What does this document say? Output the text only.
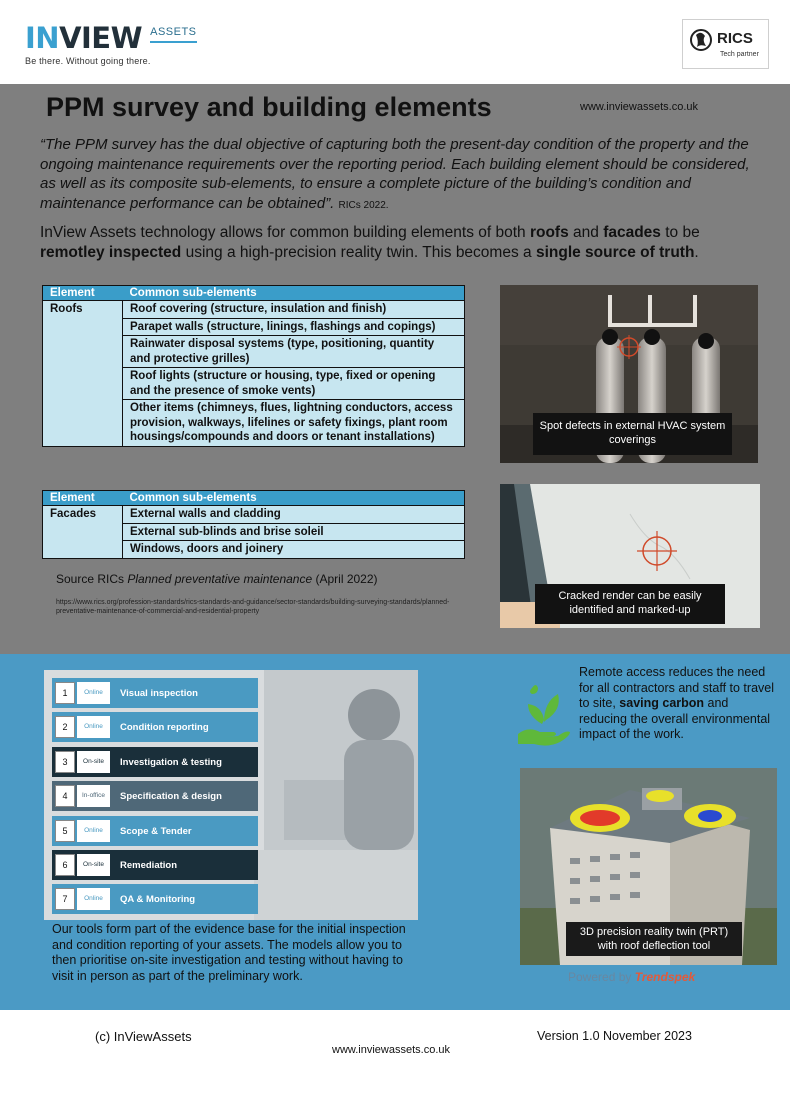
INVIEW ASSETS
Be there. Without going there.
RICS
Tech partner
PPM survey and building elements	www.inviewassets.co.uk

“The PPM survey has the dual objective of capturing both the present-day condition of the property and the ongoing maintenance requirements over the reporting period. Each building element should be considered, as well as its composite sub-elements, to ensure a complete picture of the building’s condition and maintenance performance can be obtained”. RICs 2022.

InView Assets technology allows for common building elements of both roofs and facades to be remotley inspected using a high-precision reality twin. This becomes a single source of truth.

Element	Common sub-elements
Roofs	Roof covering (structure, insulation and finish)
	Parapet walls (structure, linings, flashings and copings)
	Rainwater disposal systems (type, positioning, quantity and protective grilles)
	Roof lights (structure or housing, type, fixed or opening and the presence of smoke vents)
	Other items (chimneys, flues, lightning conductors, access provision, walkways, lifelines or safety fixings, plant room housings/compounds and doors or tenant installations)
Element	Common sub-elements
Facades	External walls and cladding
	External sub-blinds and brise soleil
	Windows, doors and joinery
Source RICs Planned preventative maintenance (April 2022)
https://www.rics.org/profession-standards/rics-standards-and-guidance/sector-standards/building-surveying-standards/planned-preventative-maintenance-of-commercial-and-residential-property
Spot defects in external HVAC system coverings
Cracked render can be easily identified and marked-up
1	Online	Visual inspection
2	Online	Condition reporting
3	On-site	Investigation & testing
4	In-office	Specification & design
5	Online	Scope & Tender
6	On-site	Remediation
7	Online	QA & Monitoring

Our tools form part of the evidence base for the initial inspection and condition reporting of your assets. The models allow you to then prioritise on-site investigation and testing without having to visit in person as part of the preliminary work.

Remote access reduces the need for all contractors and staff to travel to site, saving carbon and reducing the overall environmental impact of the work.

3D precision reality twin (PRT) with roof deflection tool
Powered by Trendspek
(c) InViewAssets	Version 1.0 November 2023
www.inviewassets.co.uk
